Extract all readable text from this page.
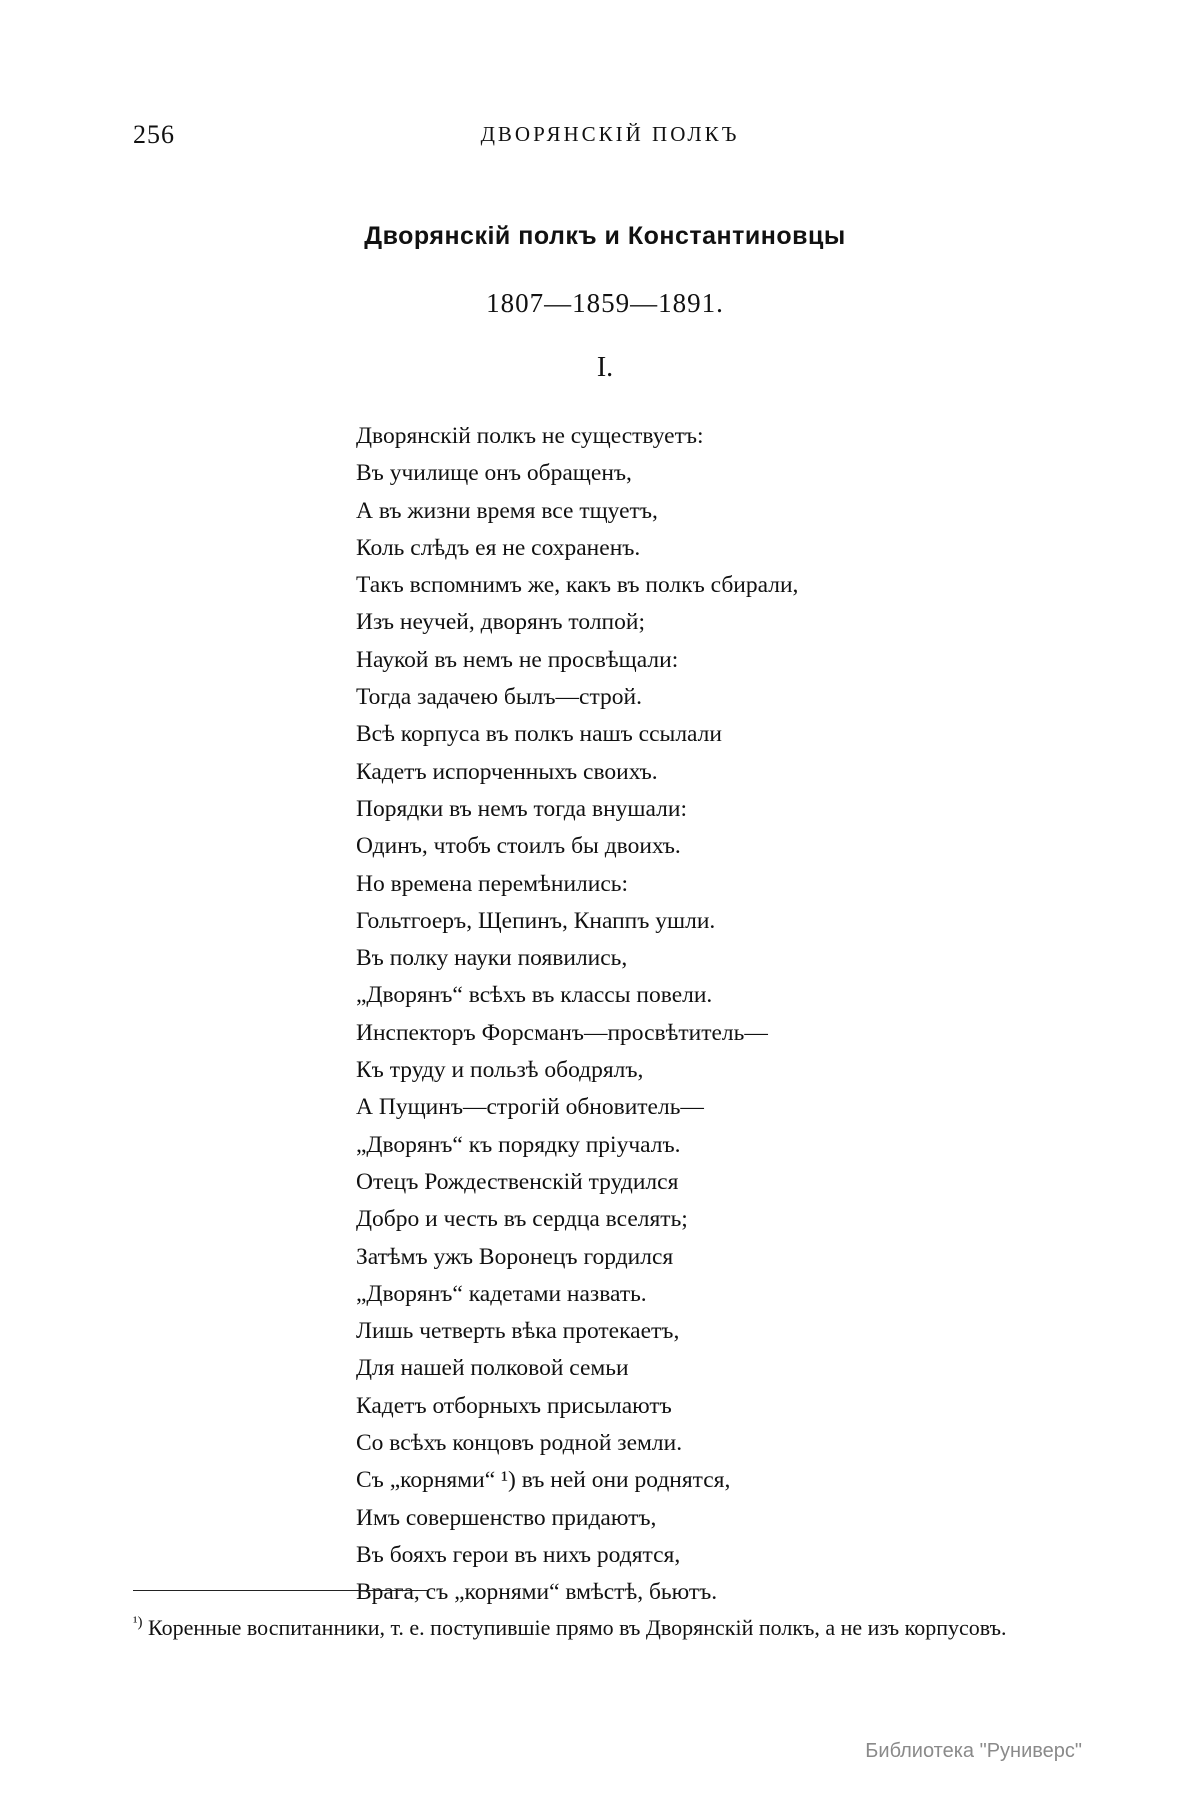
256	ДВОРЯНСКІЙ ПОЛКЪ
Дворянскій полкъ и Константиновцы
1807—1859—1891.
I.
Дворянскій полкъ не существуетъ:
Въ училище онъ обращенъ,
А въ жизни время все тщуетъ,
Коль слѣдъ ея не сохраненъ.
Такъ вспомнимъ же, какъ въ полкъ сбирали,
Изъ неучей, дворянъ толпой;
Наукой въ немъ не просвѣщали:
Тогда задачею былъ—строй.
Всѣ корпуса въ полкъ нашъ ссылали
Кадетъ испорченныхъ своихъ.
Порядки въ немъ тогда внушали:
Одинъ, чтобъ стоилъ бы двоихъ.
Но времена перемѣнились:
Гольтгоеръ, Щепинъ, Кнаппъ ушли.
Въ полку науки появились,
„Дворянъ“ всѣхъ въ классы повели.
Инспекторъ Форсманъ—просвѣтитель—
Къ труду и пользѣ ободрялъ,
А Пущинъ—строгій обновитель—
„Дворянъ“ къ порядку пріучалъ.
Отецъ Рождественскій трудился
Добро и честь въ сердца вселять;
Затѣмъ ужъ Воронецъ гордился
„Дворянъ“ кадетами назвать.
Лишь четверть вѣка протекаетъ,
Для нашей полковой семьи
Кадетъ отборныхъ присылаютъ
Со всѣхъ концовъ родной земли.
Съ „корнями“ ¹) въ ней они роднятся,
Имъ совершенство придаютъ,
Въ бояхъ герои въ нихъ родятся,
Врага, съ „корнями“ вмѣстѣ, бьютъ.

$^{^1)}$ Коренные воспитанники, т. е. поступившіе прямо въ Дворянскій полкъ, а не изъ корпусовъ.

Библиотека "Руниверс"
